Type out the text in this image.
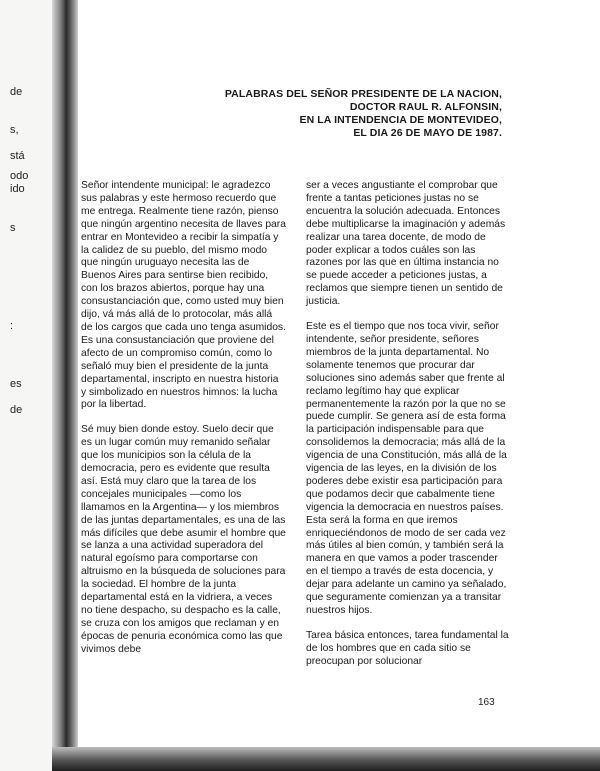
de
s,
stá
odo
ido
s
:
es
de
PALABRAS DEL SEÑOR PRESIDENTE DE LA NACION,
DOCTOR RAUL R. ALFONSIN,
EN LA INTENDENCIA DE MONTEVIDEO,
EL DIA 26 DE MAYO DE 1987.

Señor intendente municipal: le agradezco sus palabras y este hermoso recuerdo que me entrega. Realmente tiene razón, pienso que ningún argentino necesita de llaves para entrar en Montevideo a recibir la simpatía y la calidez de su pueblo, del mismo modo que ningún uruguayo necesita las de Buenos Aires para sentirse bien recibido, con los brazos abiertos, porque hay una consustanciación que, como usted muy bien dijo, vá más allá de lo protocolar, más allá de los cargos que cada uno tenga asumidos. Es una consustanciación que proviene del afecto de un compromiso común, como lo señaló muy bien el presidente de la junta departamental, inscripto en nuestra historia y simbolizado en nuestros himnos: la lucha por la libertad.

Sé muy bien donde estoy. Suelo decir que es un lugar común muy remanido señalar que los municipios son la célula de la democracia, pero es evidente que resulta así. Está muy claro que la tarea de los concejales municipales —como los llamamos en la Argentina— y los miembros de las juntas departamentales, es una de las más difíciles que debe asumir el hombre que se lanza a una actividad superadora del natural egoísmo para comportarse con altruismo en la búsqueda de soluciones para la sociedad. El hombre de la junta departamental está en la vidriera, a veces no tiene despacho, su despacho es la calle, se cruza con los amigos que reclaman y en épocas de penuria económica como las que vivimos debe

ser a veces angustiante el comprobar que frente a tantas peticiones justas no se encuentra la solución adecuada. Entonces debe multiplicarse la imaginación y además realizar una tarea docente, de modo de poder explicar a todos cuáles son las razones por las que en última instancia no se puede acceder a peticiones justas, a reclamos que siempre tienen un sentido de justicia.

Este es el tiempo que nos toca vivir, señor intendente, señor presidente, señores miembros de la junta departamental. No solamente tenemos que procurar dar soluciones sino además saber que frente al reclamo legítimo hay que explicar permanentemente la razón por la que no se puede cumplir. Se genera así de esta forma la participación indispensable para que consolidemos la democracia; más allá de la vigencia de una Constitución, más allá de la vigencia de las leyes, en la división de los poderes debe existir esa participación para que podamos decir que cabalmente tiene vigencia la democracia en nuestros países. Esta será la forma en que iremos enriqueciéndonos de modo de ser cada vez más útiles al bien común, y también será la manera en que vamos a poder trascender en el tiempo a través de esta docencia, y dejar para adelante un camino ya señalado, que seguramente comienzan ya a transitar nuestros hijos.

Tarea básica entonces, tarea fundamental la de los hombres que en cada sitio se preocupan por solucionar

163
